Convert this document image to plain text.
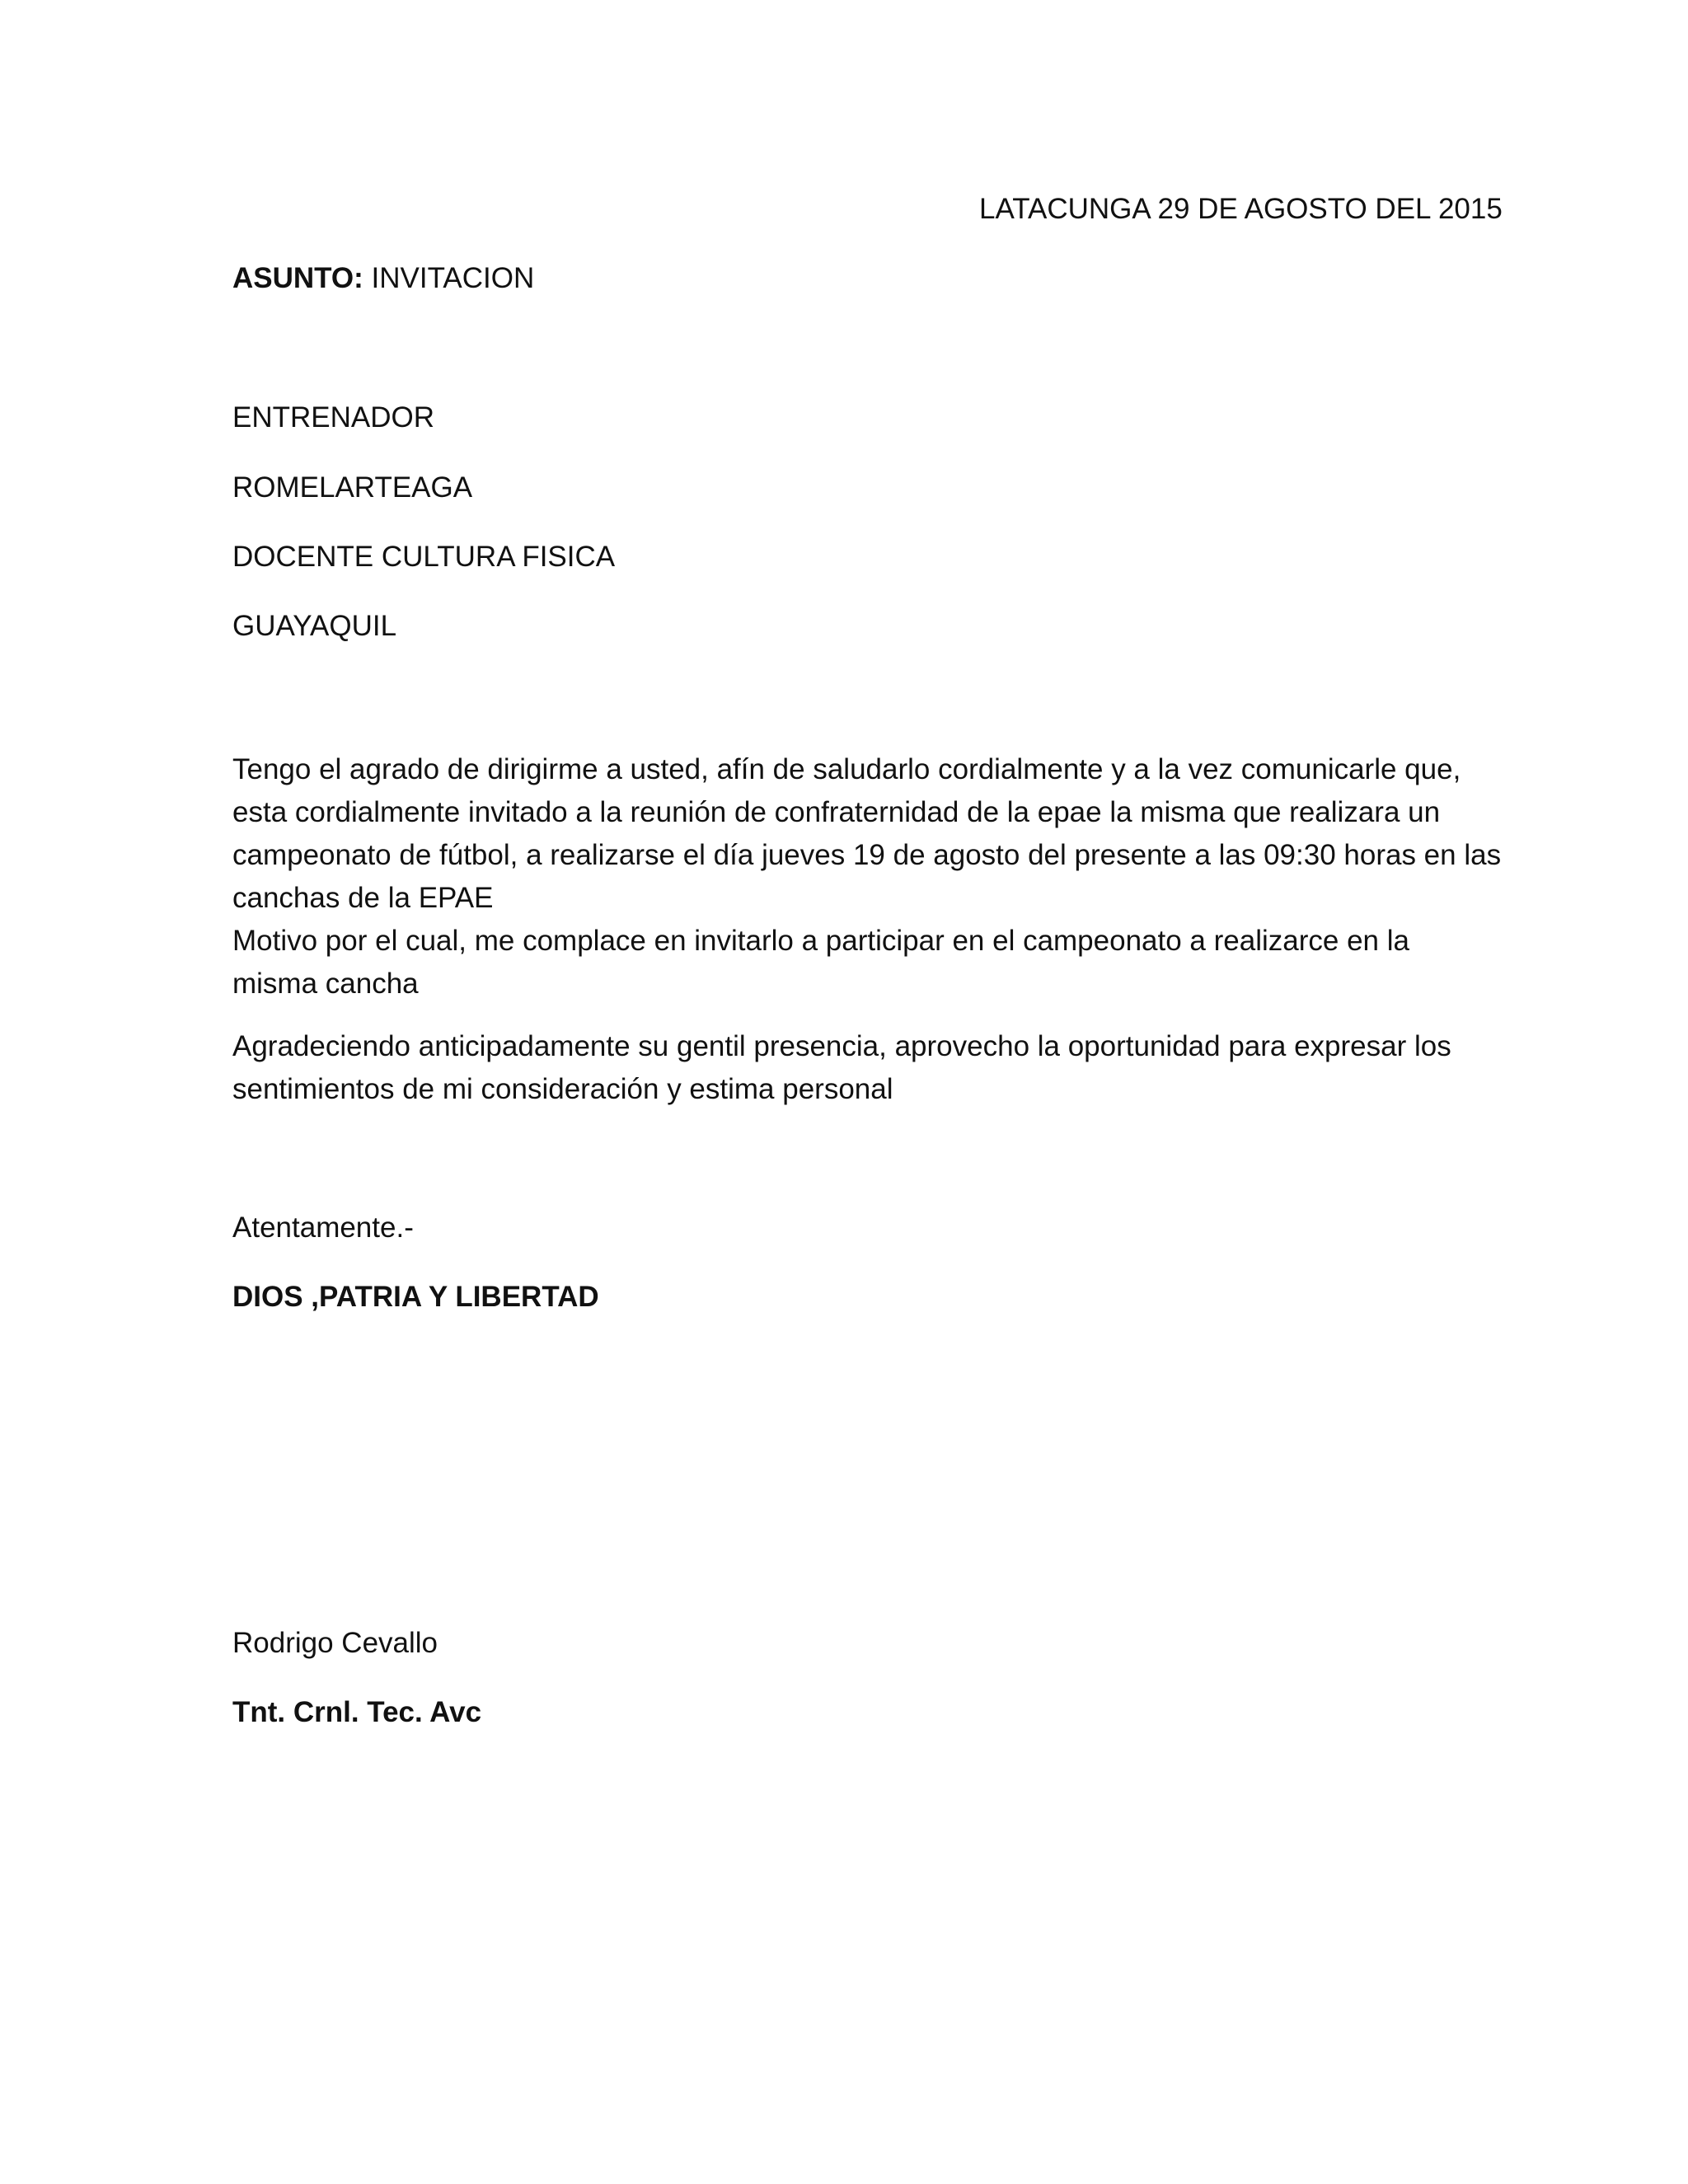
LATACUNGA 29 DE AGOSTO DEL 2015
ASUNTO: INVITACION
ENTRENADOR
ROMELARTEAGA
DOCENTE CULTURA FISICA
GUAYAQUIL
Tengo el agrado de dirigirme a usted, afín de saludarlo cordialmente y a la vez comunicarle que,
esta cordialmente invitado a la reunión de confraternidad de la epae la misma que realizara un
campeonato de fútbol, a realizarse el día jueves 19 de agosto del presente a las 09:30 horas en las
canchas de la EPAE
Motivo por el cual, me complace en invitarlo a participar en el campeonato a realizarce en la
misma cancha
Agradeciendo anticipadamente su gentil presencia, aprovecho la oportunidad para expresar los
sentimientos de mi consideración y estima personal
Atentamente.-
DIOS ,PATRIA Y LIBERTAD
Rodrigo Cevallo
Tnt. Crnl. Tec. Avc
